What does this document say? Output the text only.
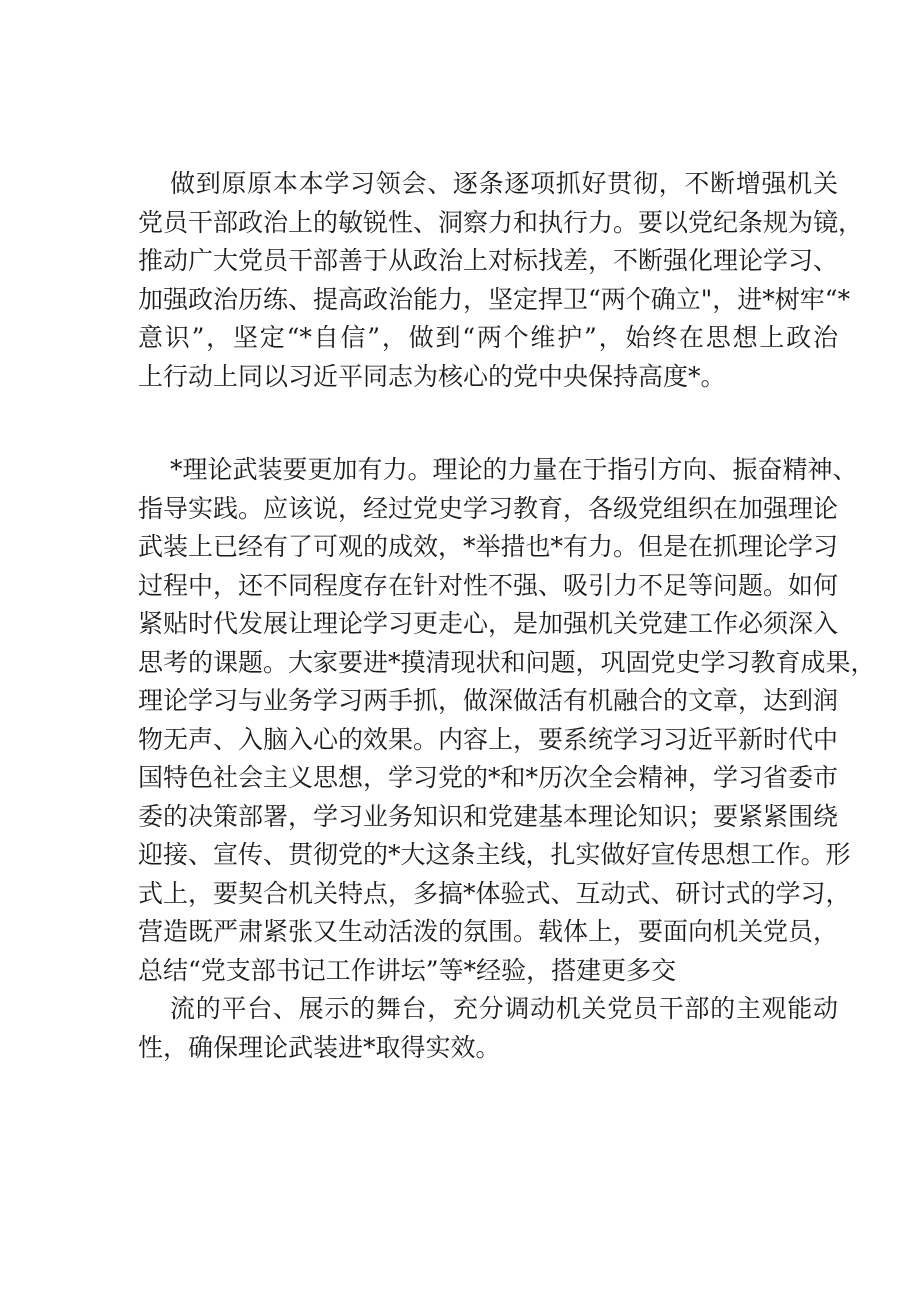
做到原原本本学习领会、逐条逐项抓好贯彻，不断增强机关
党员干部政治上的敏锐性、洞察力和执行力。要以党纪条规为镜，
推动广大党员干部善于从政治上对标找差，不断强化理论学习、
加强政治历练、提高政治能力，坚定捍卫“两个确立"，进*树牢“*
意识”，坚定“*自信”，做到“两个维护”，始终在思想上政治
上行动上同以习近平同志为核心的党中央保持高度*。

*理论武装要更加有力。理论的力量在于指引方向、振奋精神、
指导实践。应该说，经过党史学习教育，各级党组织在加强理论
武装上已经有了可观的成效，*举措也*有力。但是在抓理论学习
过程中，还不同程度存在针对性不强、吸引力不足等问题。如何
紧贴时代发展让理论学习更走心，是加强机关党建工作必须深入
思考的课题。大家要进*摸清现状和问题，巩固党史学习教育成果，
理论学习与业务学习两手抓，做深做活有机融合的文章，达到润
物无声、入脑入心的效果。内容上，要系统学习习近平新时代中
国特色社会主义思想，学习党的*和*历次全会精神，学习省委市
委的决策部署，学习业务知识和党建基本理论知识；要紧紧围绕
迎接、宣传、贯彻党的*大这条主线，扎实做好宣传思想工作。形
式上，要契合机关特点，多搞*体验式、互动式、研讨式的学习，
营造既严肃紧张又生动活泼的氛围。载体上，要面向机关党员，
总结“党支部书记工作讲坛”等*经验，搭建更多交

流的平台、展示的舞台，充分调动机关党员干部的主观能动
性，确保理论武装进*取得实效。
